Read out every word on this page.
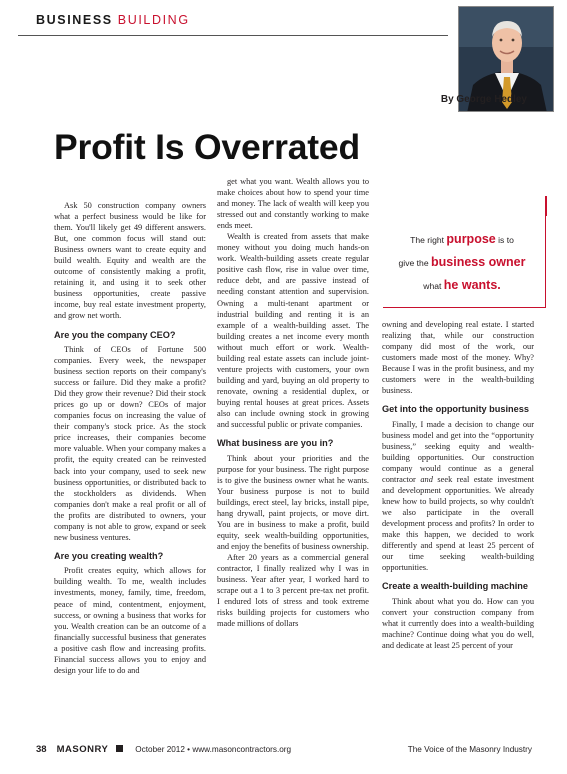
BUSINESS BUILDING
By George Hedley
Profit Is Overrated

Ask 50 construction company owners what a perfect business would be like for them. You'll likely get 49 different answers. But, one common focus will stand out: Business owners want to create equity and build wealth. Equity and wealth are the outcome of consistently making a profit, retaining it, and using it to seek other business opportunities, create passive income, buy real estate investment property, and grow net worth.

Are you the company CEO?

Think of CEOs of Fortune 500 companies. Every week, the newspaper business section reports on their company's success or failure. Did they make a profit? Did they grow their revenue? Did their stock prices go up or down? CEOs of major companies focus on increasing the value of their company's stock price. As the stock price increases, their companies become more valuable. When your company makes a profit, the equity created can be reinvested back into your company, used to seek new business opportunities, or distributed back to the stockholders as dividends. When companies don't make a real profit or all of the profits are distributed to owners, your company is not able to grow, expand or seek new business ventures.

Are you creating wealth?

Profit creates equity, which allows for building wealth. To me, wealth includes investments, money, family, time, freedom, peace of mind, contentment, enjoyment, success, or owning a business that works for you. Wealth creation can be an outcome of a financially successful business that generates a positive cash flow and increasing profits. Financial success allows you to enjoy and design your life to do and

get what you want. Wealth allows you to make choices about how to spend your time and money. The lack of wealth will keep you stressed out and constantly working to make ends meet.

Wealth is created from assets that make money without you doing much hands-on work. Wealth-building assets create regular positive cash flow, rise in value over time, reduce debt, and are passive instead of needing constant attention and supervision. Owning a multi-tenant apartment or industrial building and renting it is an example of a wealth-building asset. The building creates a net income every month without much effort or work. Wealth-building real estate assets can include joint-venture projects with customers, your own building and yard, buying an old property to renovate, owning a residential duplex, or buying rental houses at great prices. Assets also can include owning stock in growing and successful public or private companies.

What business are you in?

Think about your priorities and the purpose for your business. The right purpose is to give the business owner what he wants. Your business purpose is not to build buildings, erect steel, lay bricks, install pipe, hang drywall, paint projects, or move dirt. You are in business to make a profit, build equity, seek wealth-building opportunities, and enjoy the benefits of business ownership.

After 20 years as a commercial general contractor, I finally realized why I was in business. Year after year, I worked hard to scrape out a 1 to 3 percent pre-tax net profit. I endured lots of stress and took extreme risks building projects for customers who made millions of dollars

The right purpose is to
give the business owner
what he wants.

owning and developing real estate. I started realizing that, while our construction company did most of the work, our customers made most of the money. Why? Because I was in the profit business, and my customers were in the wealth-building business.

Get into the opportunity business

Finally, I made a decision to change our business model and get into the “opportunity business,” seeking equity and wealth-building opportunities. Our construction company would continue as a general contractor and seek real estate investment and development opportunities. We already knew how to build projects, so why couldn't we also participate in the overall development process and profits? In order to make this happen, we decided to work differently and spend at least 25 percent of our time seeking wealth-building opportunities.

Create a wealth-building machine

Think about what you do. How can you convert your construction company from what it currently does into a wealth-building machine? Continue doing what you do well, and dedicate at least 25 percent of your

38 MASONRY	October 2012 • www.masoncontractors.org	The Voice of the Masonry Industry
